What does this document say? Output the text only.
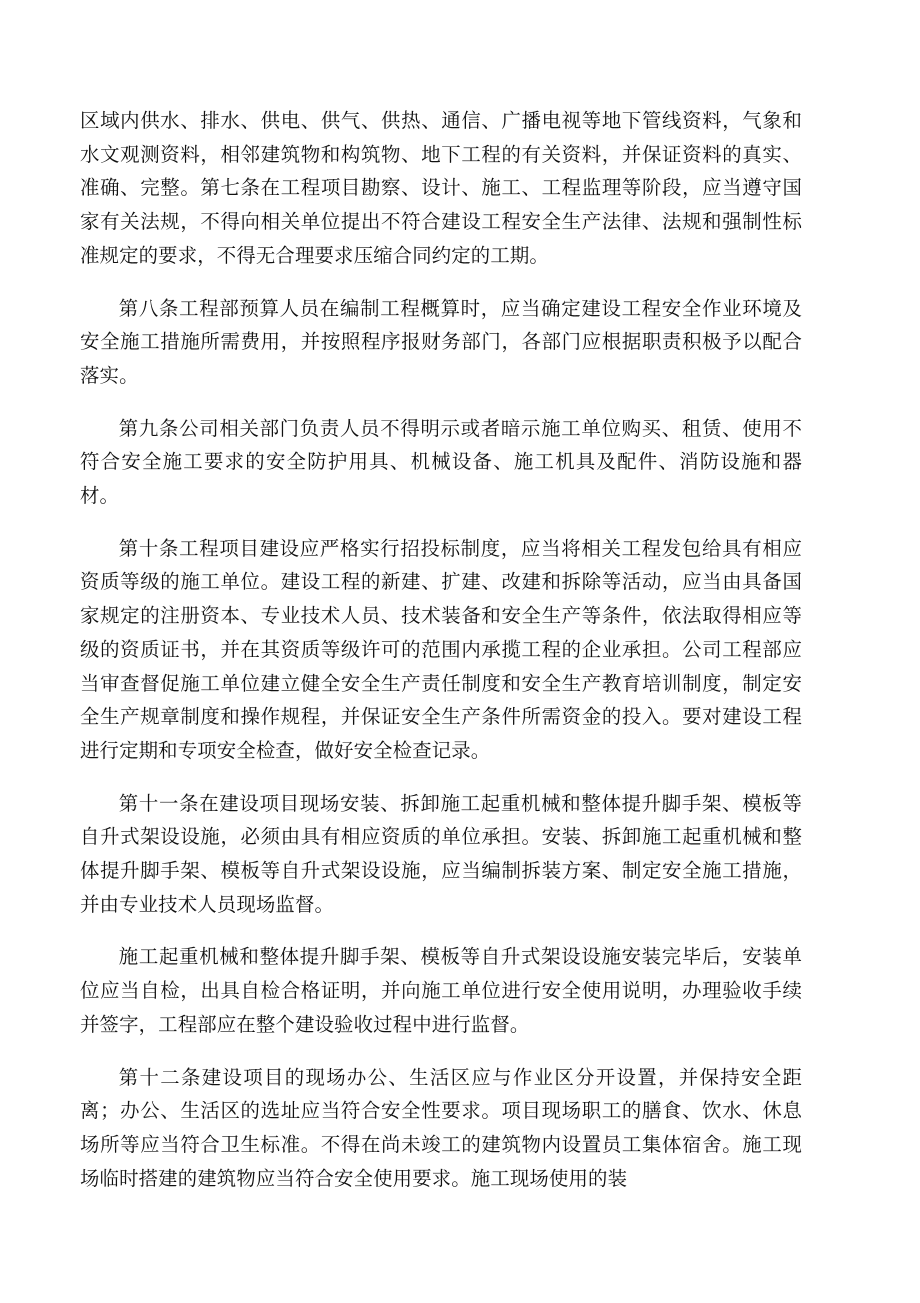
区域内供水、排水、供电、供气、供热、通信、广播电视等地下管线资料，气象和水文观测资料，相邻建筑物和构筑物、地下工程的有关资料，并保证资料的真实、准确、完整。第七条在工程项目勘察、设计、施工、工程监理等阶段，应当遵守国家有关法规，不得向相关单位提出不符合建设工程安全生产法律、法规和强制性标准规定的要求，不得无合理要求压缩合同约定的工期。

第八条工程部预算人员在编制工程概算时，应当确定建设工程安全作业环境及安全施工措施所需费用，并按照程序报财务部门，各部门应根据职责积极予以配合落实。

第九条公司相关部门负责人员不得明示或者暗示施工单位购买、租赁、使用不符合安全施工要求的安全防护用具、机械设备、施工机具及配件、消防设施和器材。

第十条工程项目建设应严格实行招投标制度，应当将相关工程发包给具有相应资质等级的施工单位。建设工程的新建、扩建、改建和拆除等活动，应当由具备国家规定的注册资本、专业技术人员、技术装备和安全生产等条件，依法取得相应等级的资质证书，并在其资质等级许可的范围内承揽工程的企业承担。公司工程部应当审查督促施工单位建立健全安全生产责任制度和安全生产教育培训制度，制定安全生产规章制度和操作规程，并保证安全生产条件所需资金的投入。要对建设工程进行定期和专项安全检查，做好安全检查记录。

第十一条在建设项目现场安装、拆卸施工起重机械和整体提升脚手架、模板等自升式架设设施，必须由具有相应资质的单位承担。安装、拆卸施工起重机械和整体提升脚手架、模板等自升式架设设施，应当编制拆装方案、制定安全施工措施，并由专业技术人员现场监督。

施工起重机械和整体提升脚手架、模板等自升式架设设施安装完毕后，安装单位应当自检，出具自检合格证明，并向施工单位进行安全使用说明，办理验收手续并签字，工程部应在整个建设验收过程中进行监督。

第十二条建设项目的现场办公、生活区应与作业区分开设置，并保持安全距离；办公、生活区的选址应当符合安全性要求。项目现场职工的膳食、饮水、休息场所等应当符合卫生标准。不得在尚未竣工的建筑物内设置员工集体宿舍。施工现场临时搭建的建筑物应当符合安全使用要求。施工现场使用的装
